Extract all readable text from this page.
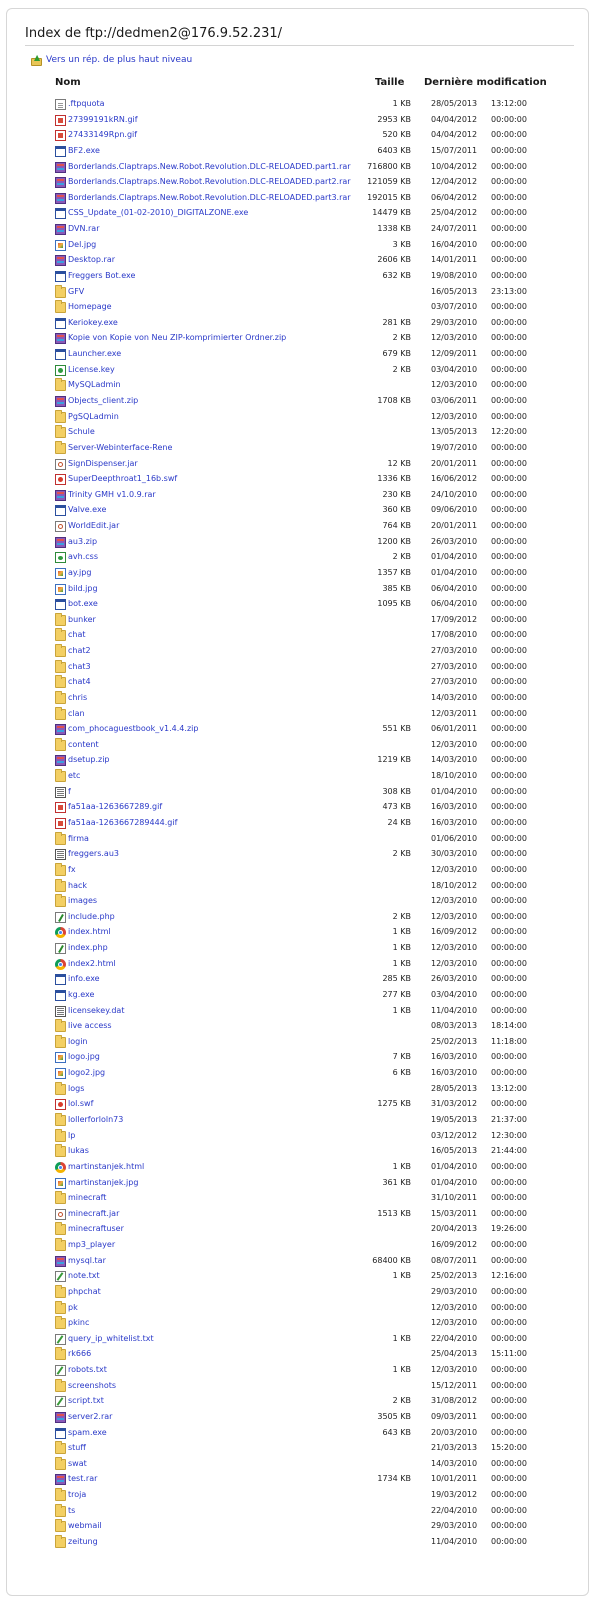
Index de ftp://dedmen2@176.9.52.231/
▲ Vers un rép. de plus haut niveau
Nom	Taille Dernière modification
.ftpquota	1 KB	28/05/2013 13:12:00
27399191kRN.gif	2953 KB	04/04/2012 00:00:00
27433149Rpn.gif	520 KB	04/04/2012 00:00:00
BF2.exe	6403 KB	15/07/2011 00:00:00
Borderlands.Claptraps.New.Robot.Revolution.DLC-RELOADED.part1.rar 716800 KB	10/04/2012 00:00:00
Borderlands.Claptraps.New.Robot.Revolution.DLC-RELOADED.part2.rar 121059 KB	12/04/2012 00:00:00
Borderlands.Claptraps.New.Robot.Revolution.DLC-RELOADED.part3.rar 192015 KB	06/04/2012 00:00:00
CSS_Update_(01-02-2010)_DIGITALZONE.exe	14479 KB	25/04/2012 00:00:00
DVN.rar	1338 KB	24/07/2011 00:00:00
Del.jpg	3 KB	16/04/2010 00:00:00
Desktop.rar	2606 KB	14/01/2011 00:00:00
Freggers Bot.exe	632 KB	19/08/2010 00:00:00
GFV	16/05/2013 23:13:00
Homepage	03/07/2010 00:00:00
Keriokey.exe	281 KB	29/03/2010 00:00:00
Kopie von Kopie von Neu ZIP-komprimierter Ordner.zip	2 KB	12/03/2010 00:00:00
Launcher.exe	679 KB	12/09/2011 00:00:00
License.key	2 KB	03/04/2010 00:00:00
MySQLadmin	12/03/2010 00:00:00
Objects_client.zip	1708 KB	03/06/2011 00:00:00
PgSQLadmin	12/03/2010 00:00:00
Schule	13/05/2013 12:20:00
Server-Webinterface-Rene	19/07/2010 00:00:00
SignDispenser.jar	12 KB	20/01/2011 00:00:00
SuperDeepthroat1_16b.swf	1336 KB	16/06/2012 00:00:00
Trinity GMH v1.0.9.rar	230 KB	24/10/2010 00:00:00
Valve.exe	360 KB	09/06/2010 00:00:00
WorldEdit.jar	764 KB	20/01/2011 00:00:00
au3.zip	1200 KB	26/03/2010 00:00:00
avh.css	2 KB	01/04/2010 00:00:00
ay.jpg	1357 KB	01/04/2010 00:00:00
bild.jpg	385 KB	06/04/2010 00:00:00
bot.exe	1095 KB	06/04/2010 00:00:00
bunker	17/09/2012 00:00:00
chat	17/08/2010 00:00:00
chat2	27/03/2010 00:00:00
chat3	27/03/2010 00:00:00
chat4	27/03/2010 00:00:00
chris	14/03/2010 00:00:00
clan	12/03/2011 00:00:00
com_phocaguestbook_v1.4.4.zip	551 KB	06/01/2011 00:00:00
content	12/03/2010 00:00:00
dsetup.zip	1219 KB	14/03/2010 00:00:00
etc	18/10/2010 00:00:00
f	308 KB	01/04/2010 00:00:00
fa51aa-1263667289.gif	473 KB	16/03/2010 00:00:00
fa51aa-1263667289444.gif	24 KB	16/03/2010 00:00:00
firma	01/06/2010 00:00:00
freggers.au3	2 KB	30/03/2010 00:00:00
fx	12/03/2010 00:00:00
hack	18/10/2012 00:00:00
images	12/03/2010 00:00:00
include.php	2 KB	12/03/2010 00:00:00
index.html	1 KB	16/09/2012 00:00:00
index.php	1 KB	12/03/2010 00:00:00
index2.html	1 KB	12/03/2010 00:00:00
info.exe	285 KB	26/03/2010 00:00:00
kg.exe	277 KB	03/04/2010 00:00:00
licensekey.dat	1 KB	11/04/2010 00:00:00
live access	08/03/2013 18:14:00
login	25/02/2013 11:18:00
logo.jpg	7 KB	16/03/2010 00:00:00
logo2.jpg	6 KB	16/03/2010 00:00:00
logs	28/05/2013 13:12:00
lol.swf	1275 KB	31/03/2012 00:00:00
lollerforloln73	19/05/2013 21:37:00
lp	03/12/2012 12:30:00
lukas	16/05/2013 21:44:00
martinstanjek.html	1 KB	01/04/2010 00:00:00
martinstanjek.jpg	361 KB	01/04/2010 00:00:00
minecraft	31/10/2011 00:00:00
minecraft.jar	1513 KB	15/03/2011 00:00:00
minecraftuser	20/04/2013 19:26:00
mp3_player	16/09/2012 00:00:00
mysql.tar	68400 KB	08/07/2011 00:00:00
note.txt	1 KB	25/02/2013 12:16:00
phpchat	29/03/2010 00:00:00
pk	12/03/2010 00:00:00
pkinc	12/03/2010 00:00:00
query_ip_whitelist.txt	1 KB	22/04/2010 00:00:00
rk666	25/04/2013 15:11:00
robots.txt	1 KB	12/03/2010 00:00:00
screenshots	15/12/2011 00:00:00
script.txt	2 KB	31/08/2012 00:00:00
server2.rar	3505 KB	09/03/2011 00:00:00
spam.exe	643 KB	20/03/2010 00:00:00
stuff	21/03/2013 15:20:00
swat	14/03/2010 00:00:00
test.rar	1734 KB	10/01/2011 00:00:00
troja	19/03/2012 00:00:00
ts	22/04/2010 00:00:00
webmail	29/03/2010 00:00:00
zeitung	11/04/2010 00:00:00
